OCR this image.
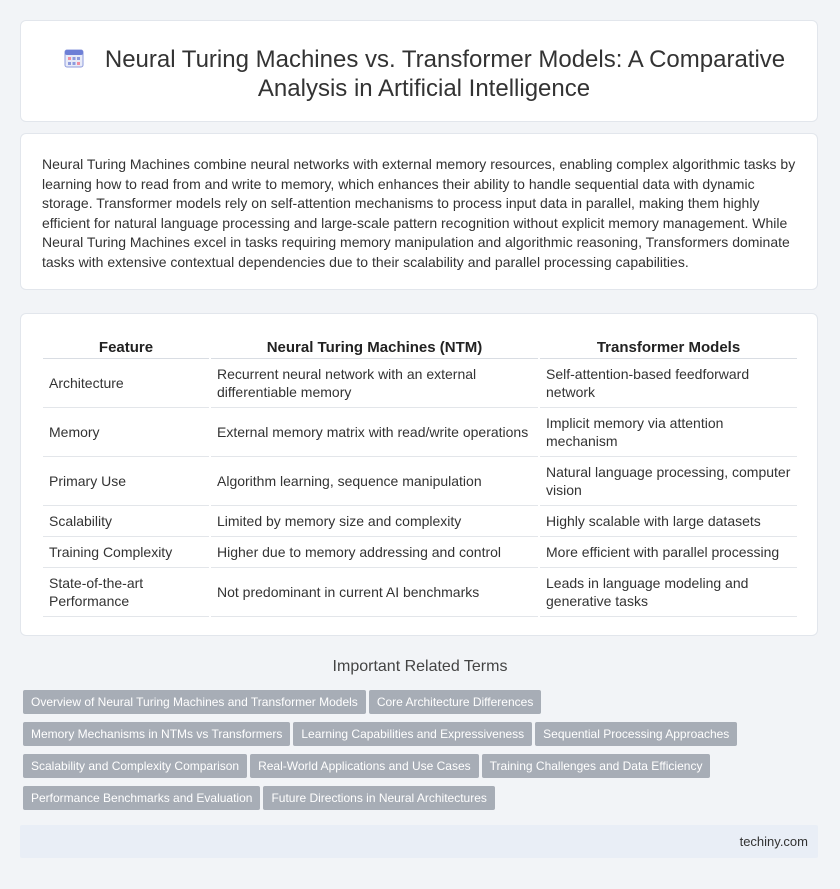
Neural Turing Machines vs. Transformer Models: A Comparative Analysis in Artificial Intelligence

Neural Turing Machines combine neural networks with external memory resources, enabling complex algorithmic tasks by learning how to read from and write to memory, which enhances their ability to handle sequential data with dynamic storage. Transformer models rely on self-attention mechanisms to process input data in parallel, making them highly efficient for natural language processing and large-scale pattern recognition without explicit memory management. While Neural Turing Machines excel in tasks requiring memory manipulation and algorithmic reasoning, Transformers dominate tasks with extensive contextual dependencies due to their scalability and parallel processing capabilities.

Feature	Neural Turing Machines (NTM)	Transformer Models
Architecture	Recurrent neural network with an external differentiable memory	Self-attention-based feedforward network
Memory	External memory matrix with read/write operations	Implicit memory via attention mechanism
Primary Use	Algorithm learning, sequence manipulation	Natural language processing, computer vision
Scalability	Limited by memory size and complexity	Highly scalable with large datasets
Training Complexity	Higher due to memory addressing and control	More efficient with parallel processing
State-of-the-art Performance	Not predominant in current AI benchmarks	Leads in language modeling and generative tasks
Important Related Terms
Overview of Neural Turing Machines and Transformer Models Core Architecture Differences
Memory Mechanisms in NTMs vs Transformers Learning Capabilities and Expressiveness Sequential Processing Approaches
Scalability and Complexity Comparison Real-World Applications and Use Cases Training Challenges and Data Efficiency
Performance Benchmarks and Evaluation Future Directions in Neural Architectures
techiny.com
